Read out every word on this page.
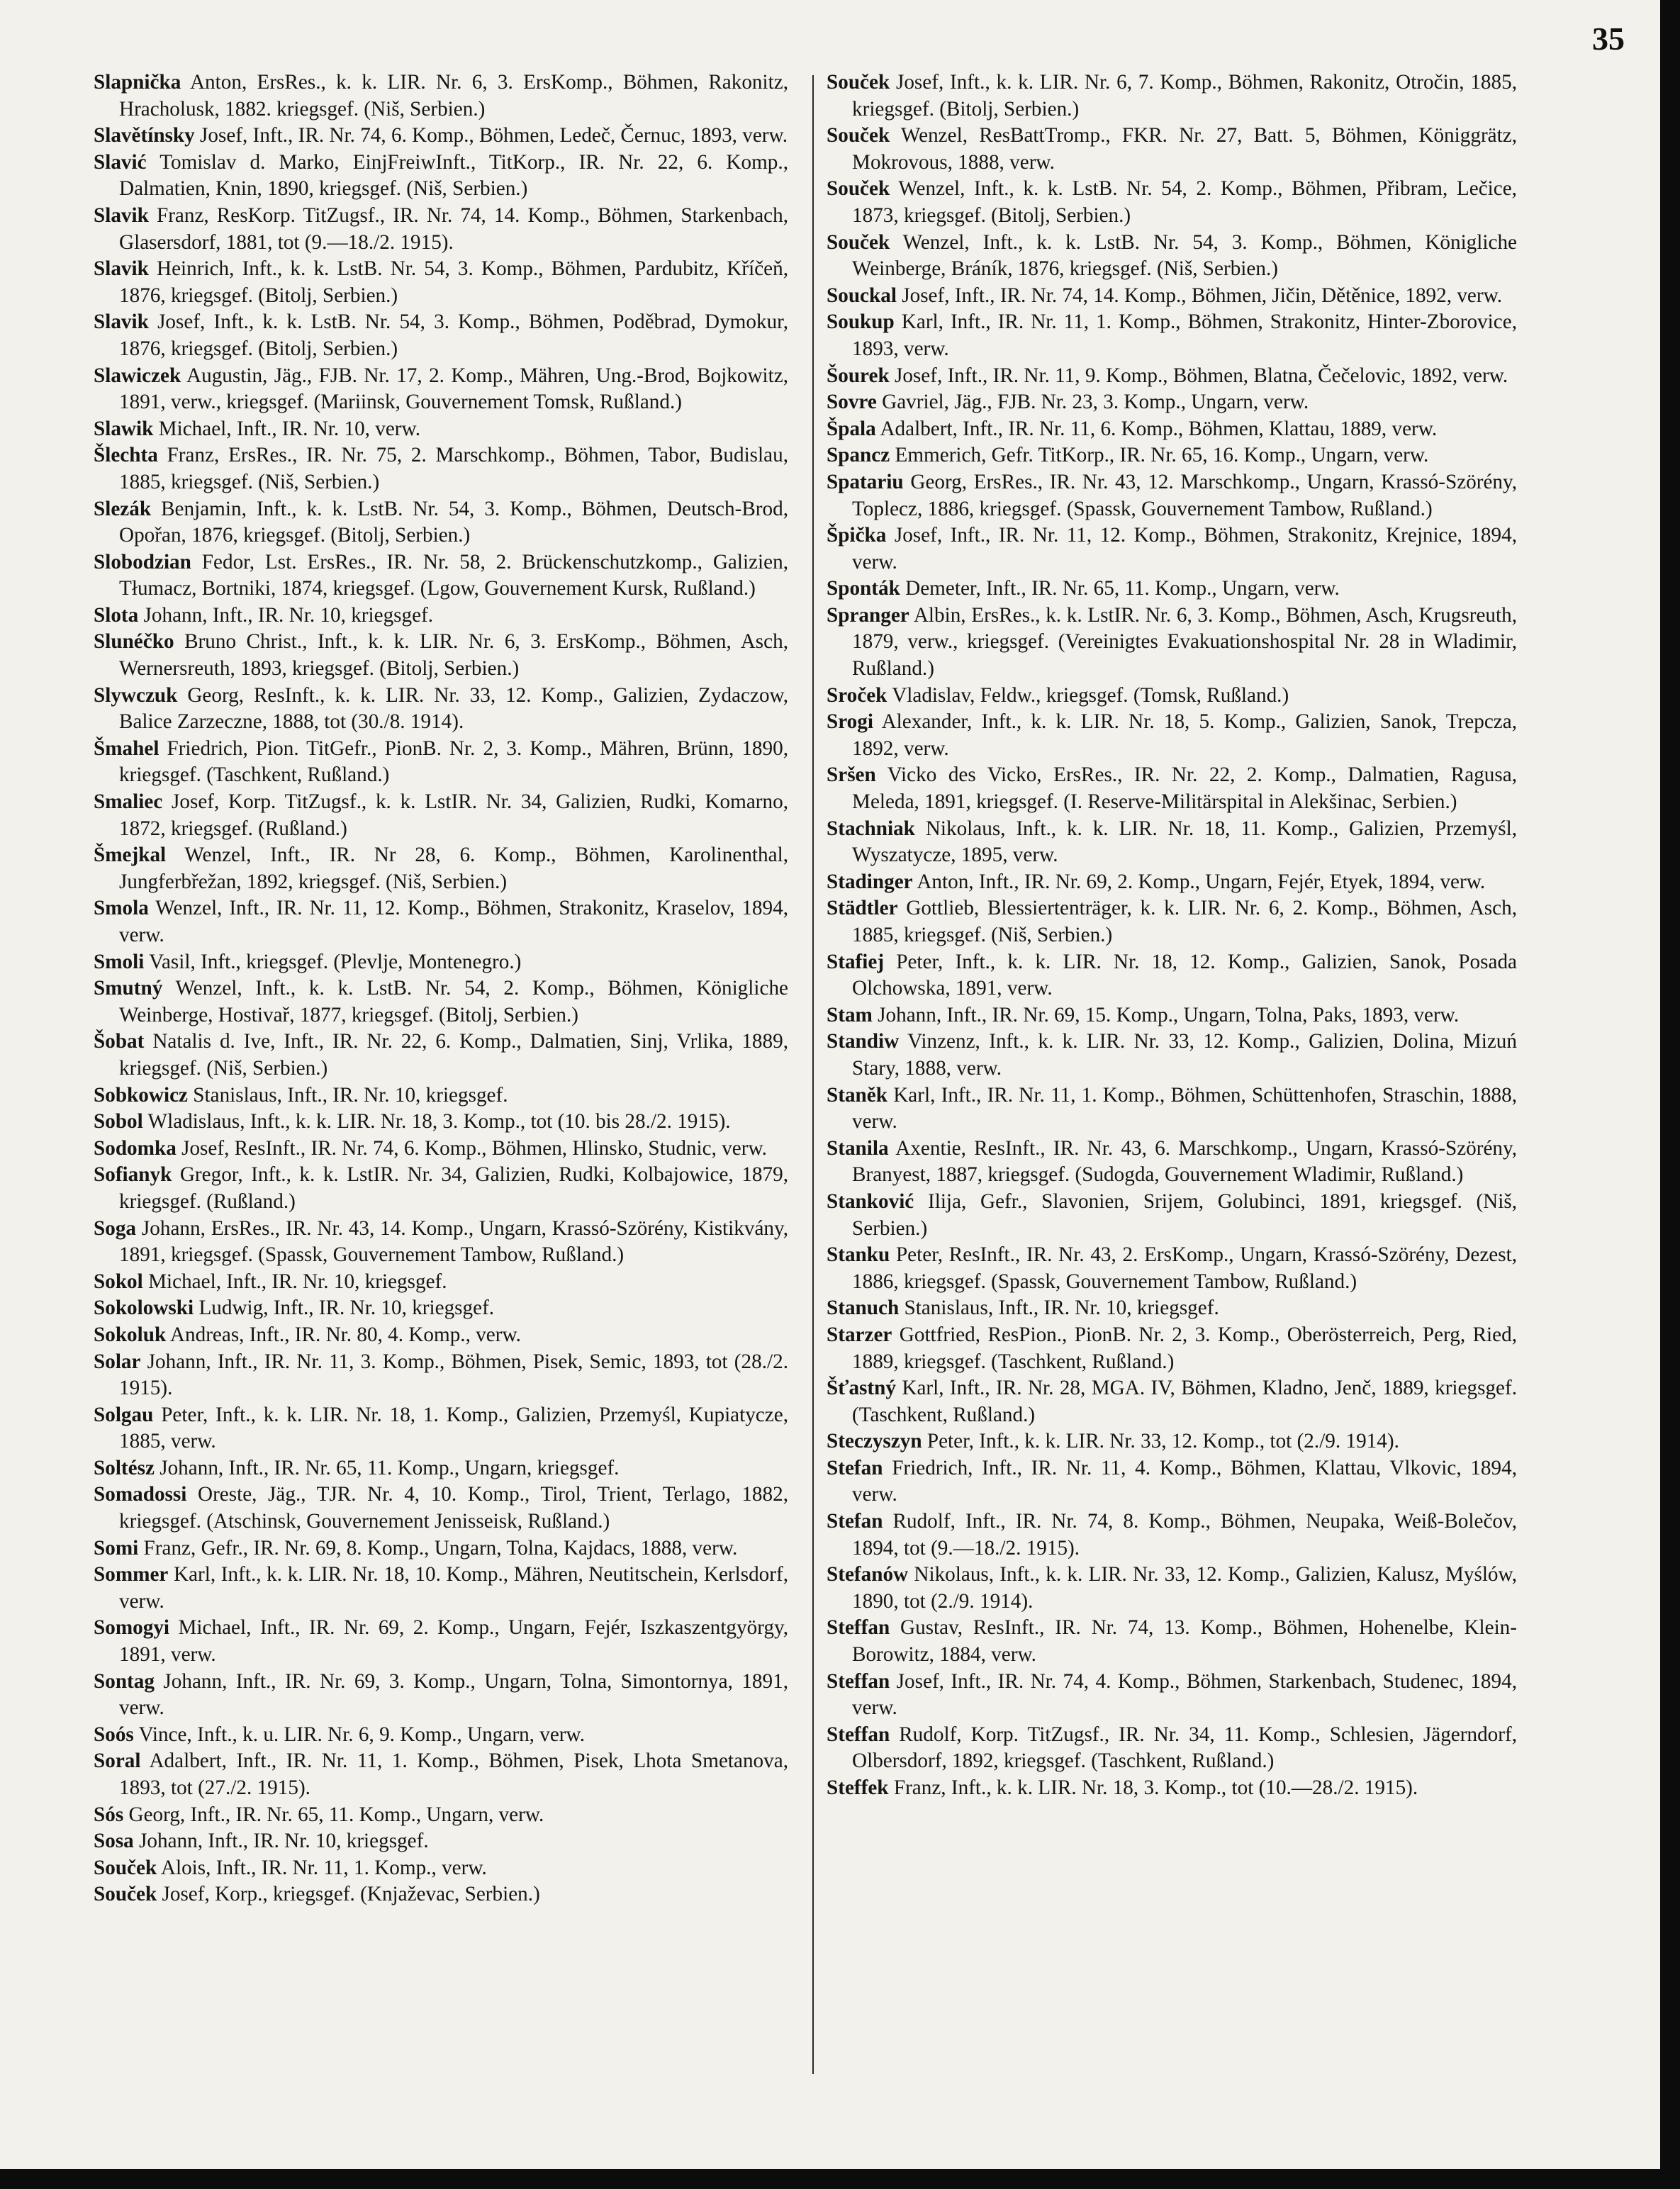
35
Slapnička Anton, ErsRes., k. k. LIR. Nr. 6, 3. ErsKomp., Böhmen, Rakonitz, Hracholusk, 1882. kriegsgef. (Niš, Serbien.)
Slavětínsky Josef, Inft., IR. Nr. 74, 6. Komp., Böhmen, Ledeč, Černuc, 1893, verw.
Slavić Tomislav d. Marko, EinjFreiwInft., TitKorp., IR. Nr. 22, 6. Komp., Dalmatien, Knin, 1890, kriegsgef. (Niš, Serbien.)
Slavik Franz, ResKorp. TitZugsf., IR. Nr. 74, 14. Komp., Böhmen, Starkenbach, Glasersdorf, 1881, tot (9.—18./2. 1915).
Slavik Heinrich, Inft., k. k. LstB. Nr. 54, 3. Komp., Böhmen, Pardubitz, Kříčeň, 1876, kriegsgef. (Bitolj, Serbien.)
Slavik Josef, Inft., k. k. LstB. Nr. 54, 3. Komp., Böhmen, Poděbrad, Dymokur, 1876, kriegsgef. (Bitolj, Serbien.)
Slawiczek Augustin, Jäg., FJB. Nr. 17, 2. Komp., Mähren, Ung.-Brod, Bojkowitz, 1891, verw., kriegsgef. (Mariinsk, Gouvernement Tomsk, Rußland.)
Slawik Michael, Inft., IR. Nr. 10, verw.
Šlechta Franz, ErsRes., IR. Nr. 75, 2. Marschkomp., Böhmen, Tabor, Budislau, 1885, kriegsgef. (Niš, Serbien.)
Slezák Benjamin, Inft., k. k. LstB. Nr. 54, 3. Komp., Böhmen, Deutsch-Brod, Opořan, 1876, kriegsgef. (Bitolj, Serbien.)
Slobodzian Fedor, Lst. ErsRes., IR. Nr. 58, 2. Brückenschutzkomp., Galizien, Tłumacz, Bortniki, 1874, kriegsgef. (Lgow, Gouvernement Kursk, Rußland.)
Slota Johann, Inft., IR. Nr. 10, kriegsgef.
Slunéčko Bruno Christ., Inft., k. k. LIR. Nr. 6, 3. ErsKomp., Böhmen, Asch, Wernersreuth, 1893, kriegsgef. (Bitolj, Serbien.)
Slywczuk Georg, ResInft., k. k. LIR. Nr. 33, 12. Komp., Galizien, Zydaczow, Balice Zarzeczne, 1888, tot (30./8. 1914).
Šmahel Friedrich, Pion. TitGefr., PionB. Nr. 2, 3. Komp., Mähren, Brünn, 1890, kriegsgef. (Taschkent, Rußland.)
Smaliec Josef, Korp. TitZugsf., k. k. LstIR. Nr. 34, Galizien, Rudki, Komarno, 1872, kriegsgef. (Rußland.)
Šmejkal Wenzel, Inft., IR. Nr 28, 6. Komp., Böhmen, Karolinenthal, Jungferbřežan, 1892, kriegsgef. (Niš, Serbien.)
Smola Wenzel, Inft., IR. Nr. 11, 12. Komp., Böhmen, Strakonitz, Kraselov, 1894, verw.
Smoli Vasil, Inft., kriegsgef. (Plevlje, Montenegro.)
Smutný Wenzel, Inft., k. k. LstB. Nr. 54, 2. Komp., Böhmen, Königliche Weinberge, Hostivař, 1877, kriegsgef. (Bitolj, Serbien.)
Šobat Natalis d. Ive, Inft., IR. Nr. 22, 6. Komp., Dalmatien, Sinj, Vrlika, 1889, kriegsgef. (Niš, Serbien.)
Sobkowicz Stanislaus, Inft., IR. Nr. 10, kriegsgef.
Sobol Wladislaus, Inft., k. k. LIR. Nr. 18, 3. Komp., tot (10. bis 28./2. 1915).
Sodomka Josef, ResInft., IR. Nr. 74, 6. Komp., Böhmen, Hlinsko, Studnic, verw.
Sofianyk Gregor, Inft., k. k. LstIR. Nr. 34, Galizien, Rudki, Kolbajowice, 1879, kriegsgef. (Rußland.)
Soga Johann, ErsRes., IR. Nr. 43, 14. Komp., Ungarn, Krassó-Szörény, Kistikvány, 1891, kriegsgef. (Spassk, Gouvernement Tambow, Rußland.)
Sokol Michael, Inft., IR. Nr. 10, kriegsgef.
Sokolowski Ludwig, Inft., IR. Nr. 10, kriegsgef.
Sokoluk Andreas, Inft., IR. Nr. 80, 4. Komp., verw.
Solar Johann, Inft., IR. Nr. 11, 3. Komp., Böhmen, Pisek, Semic, 1893, tot (28./2. 1915).
Solgau Peter, Inft., k. k. LIR. Nr. 18, 1. Komp., Galizien, Przemyśl, Kupiatycze, 1885, verw.
Soltész Johann, Inft., IR. Nr. 65, 11. Komp., Ungarn, kriegsgef.
Somadossi Oreste, Jäg., TJR. Nr. 4, 10. Komp., Tirol, Trient, Terlago, 1882, kriegsgef. (Atschinsk, Gouvernement Jenisseisk, Rußland.)
Somi Franz, Gefr., IR. Nr. 69, 8. Komp., Ungarn, Tolna, Kajdacs, 1888, verw.
Sommer Karl, Inft., k. k. LIR. Nr. 18, 10. Komp., Mähren, Neutitschein, Kerlsdorf, verw.
Somogyi Michael, Inft., IR. Nr. 69, 2. Komp., Ungarn, Fejér, Iszkaszentgyörgy, 1891, verw.
Sontag Johann, Inft., IR. Nr. 69, 3. Komp., Ungarn, Tolna, Simontornya, 1891, verw.
Soós Vince, Inft., k. u. LIR. Nr. 6, 9. Komp., Ungarn, verw.
Soral Adalbert, Inft., IR. Nr. 11, 1. Komp., Böhmen, Pisek, Lhota Smetanova, 1893, tot (27./2. 1915).
Sós Georg, Inft., IR. Nr. 65, 11. Komp., Ungarn, verw.
Sosa Johann, Inft., IR. Nr. 10, kriegsgef.
Souček Alois, Inft., IR. Nr. 11, 1. Komp., verw.
Souček Josef, Korp., kriegsgef. (Knjaževac, Serbien.)
Souček Josef, Inft., k. k. LIR. Nr. 6, 7. Komp., Böhmen, Rakonitz, Otročin, 1885, kriegsgef. (Bitolj, Serbien.)
Souček Wenzel, ResBattTromp., FKR. Nr. 27, Batt. 5, Böhmen, Königgrätz, Mokrovous, 1888, verw.
Souček Wenzel, Inft., k. k. LstB. Nr. 54, 2. Komp., Böhmen, Přibram, Lečice, 1873, kriegsgef. (Bitolj, Serbien.)
Souček Wenzel, Inft., k. k. LstB. Nr. 54, 3. Komp., Böhmen, Königliche Weinberge, Bráník, 1876, kriegsgef. (Niš, Serbien.)
Souckal Josef, Inft., IR. Nr. 74, 14. Komp., Böhmen, Jičin, Dětěnice, 1892, verw.
Soukup Karl, Inft., IR. Nr. 11, 1. Komp., Böhmen, Strakonitz, Hinter-Zborovice, 1893, verw.
Šourek Josef, Inft., IR. Nr. 11, 9. Komp., Böhmen, Blatna, Čečelovic, 1892, verw.
Sovre Gavriel, Jäg., FJB. Nr. 23, 3. Komp., Ungarn, verw.
Špala Adalbert, Inft., IR. Nr. 11, 6. Komp., Böhmen, Klattau, 1889, verw.
Spancz Emmerich, Gefr. TitKorp., IR. Nr. 65, 16. Komp., Ungarn, verw.
Spatariu Georg, ErsRes., IR. Nr. 43, 12. Marschkomp., Ungarn, Krassó-Szörény, Toplecz, 1886, kriegsgef. (Spassk, Gouvernement Tambow, Rußland.)
Špička Josef, Inft., IR. Nr. 11, 12. Komp., Böhmen, Strakonitz, Krejnice, 1894, verw.
Sponták Demeter, Inft., IR. Nr. 65, 11. Komp., Ungarn, verw.
Spranger Albin, ErsRes., k. k. LstIR. Nr. 6, 3. Komp., Böhmen, Asch, Krugsreuth, 1879, verw., kriegsgef. (Vereinigtes Evakuationshospital Nr. 28 in Wladimir, Rußland.)
Sroček Vladislav, Feldw., kriegsgef. (Tomsk, Rußland.)
Srogi Alexander, Inft., k. k. LIR. Nr. 18, 5. Komp., Galizien, Sanok, Trepcza, 1892, verw.
Sršen Vicko des Vicko, ErsRes., IR. Nr. 22, 2. Komp., Dalmatien, Ragusa, Meleda, 1891, kriegsgef. (I. Reserve-Militärspital in Alekšinac, Serbien.)
Stachniak Nikolaus, Inft., k. k. LIR. Nr. 18, 11. Komp., Galizien, Przemyśl, Wyszatycze, 1895, verw.
Stadinger Anton, Inft., IR. Nr. 69, 2. Komp., Ungarn, Fejér, Etyek, 1894, verw.
Städtler Gottlieb, Blessiertenträger, k. k. LIR. Nr. 6, 2. Komp., Böhmen, Asch, 1885, kriegsgef. (Niš, Serbien.)
Stafiej Peter, Inft., k. k. LIR. Nr. 18, 12. Komp., Galizien, Sanok, Posada Olchowska, 1891, verw.
Stam Johann, Inft., IR. Nr. 69, 15. Komp., Ungarn, Tolna, Paks, 1893, verw.
Standiw Vinzenz, Inft., k. k. LIR. Nr. 33, 12. Komp., Galizien, Dolina, Mizuń Stary, 1888, verw.
Staněk Karl, Inft., IR. Nr. 11, 1. Komp., Böhmen, Schüttenhofen, Straschin, 1888, verw.
Stanila Axentie, ResInft., IR. Nr. 43, 6. Marschkomp., Ungarn, Krassó-Szörény, Branyest, 1887, kriegsgef. (Sudogda, Gouvernement Wladimir, Rußland.)
Stanković Ilija, Gefr., Slavonien, Srijem, Golubinci, 1891, kriegsgef. (Niš, Serbien.)
Stanku Peter, ResInft., IR. Nr. 43, 2. ErsKomp., Ungarn, Krassó-Szörény, Dezest, 1886, kriegsgef. (Spassk, Gouvernement Tambow, Rußland.)
Stanuch Stanislaus, Inft., IR. Nr. 10, kriegsgef.
Starzer Gottfried, ResPion., PionB. Nr. 2, 3. Komp., Oberösterreich, Perg, Ried, 1889, kriegsgef. (Taschkent, Rußland.)
Šťastný Karl, Inft., IR. Nr. 28, MGA. IV, Böhmen, Kladno, Jenč, 1889, kriegsgef. (Taschkent, Rußland.)
Steczyszyn Peter, Inft., k. k. LIR. Nr. 33, 12. Komp., tot (2./9. 1914).
Stefan Friedrich, Inft., IR. Nr. 11, 4. Komp., Böhmen, Klattau, Vlkovic, 1894, verw.
Stefan Rudolf, Inft., IR. Nr. 74, 8. Komp., Böhmen, Neupaka, Weiß-Bolečov, 1894, tot (9.—18./2. 1915).
Stefanów Nikolaus, Inft., k. k. LIR. Nr. 33, 12. Komp., Galizien, Kalusz, Myślów, 1890, tot (2./9. 1914).
Steffan Gustav, ResInft., IR. Nr. 74, 13. Komp., Böhmen, Hohenelbe, Klein-Borowitz, 1884, verw.
Steffan Josef, Inft., IR. Nr. 74, 4. Komp., Böhmen, Starkenbach, Studenec, 1894, verw.
Steffan Rudolf, Korp. TitZugsf., IR. Nr. 34, 11. Komp., Schlesien, Jägerndorf, Olbersdorf, 1892, kriegsgef. (Taschkent, Rußland.)
Steffek Franz, Inft., k. k. LIR. Nr. 18, 3. Komp., tot (10.—28./2. 1915).
